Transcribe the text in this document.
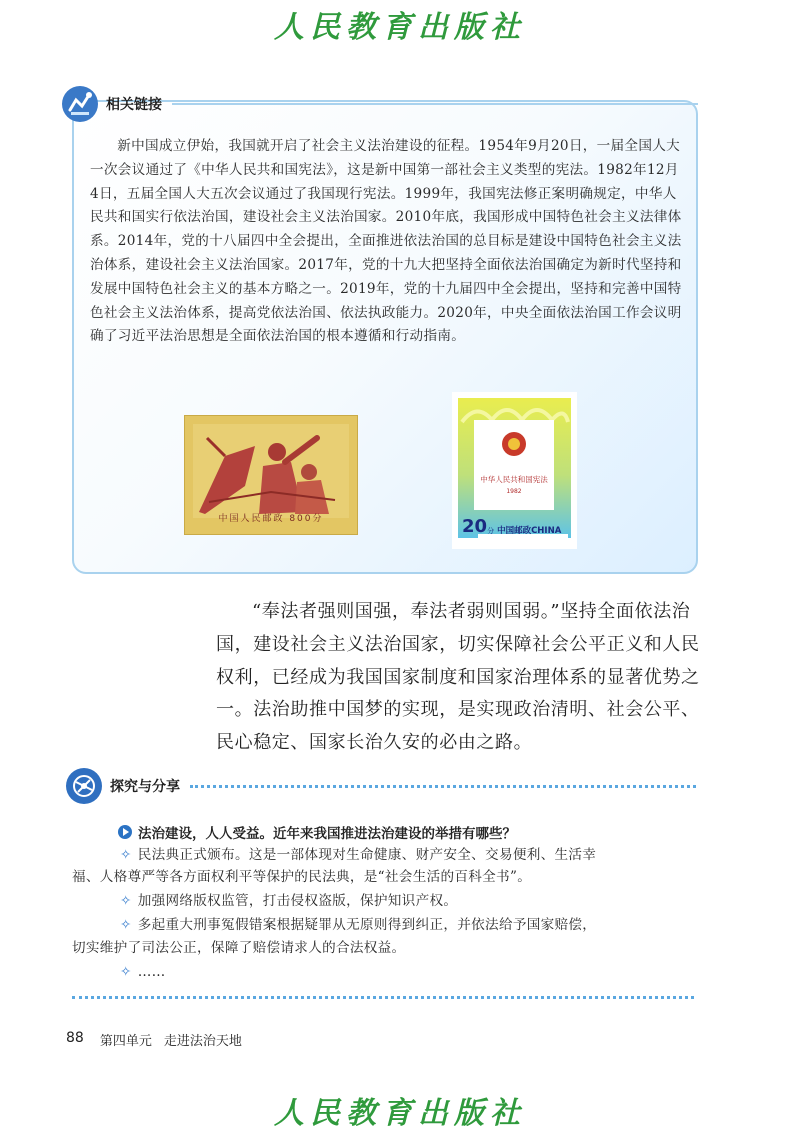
人民教育出版社
相关链接

新中国成立伊始，我国就开启了社会主义法治建设的征程。1954年9月20日，一届全国人大一次会议通过了《中华人民共和国宪法》，这是新中国第一部社会主义类型的宪法。1982年12月4日，五届全国人大五次会议通过了我国现行宪法。1999年，我国宪法修正案明确规定，中华人民共和国实行依法治国，建设社会主义法治国家。2010年底，我国形成中国特色社会主义法律体系。2014年，党的十八届四中全会提出，全面推进依法治国的总目标是建设中国特色社会主义法治体系，建设社会主义法治国家。2017年，党的十九大把坚持全面依法治国确定为新时代坚持和发展中国特色社会主义的基本方略之一。2019年，党的十九届四中全会提出，坚持和完善中国特色社会主义法治体系，提高党依法治国、依法执政能力。2020年，中央全面依法治国工作会议明确了习近平法治思想是全面依法治国的根本遵循和行动指南。

中国人民邮政 800分
中华人民共和国宪法
1982
20 分 中国邮政CHINA

“奉法者强则国强，奉法者弱则国弱。”坚持全面依法治国，建设社会主义法治国家，切实保障社会公平正义和人民权利，已经成为我国国家制度和国家治理体系的显著优势之一。法治助推中国梦的实现，是实现政治清明、社会公平、民心稳定、国家长治久安的必由之路。

探究与分享
法治建设，人人受益。近年来我国推进法治建设的举措有哪些？
✧ 民法典正式颁布。这是一部体现对生命健康、财产安全、交易便利、生活幸
福、人格尊严等各方面权利平等保护的民法典，是“社会生活的百科全书”。
✧ 加强网络版权监管，打击侵权盗版，保护知识产权。
✧ 多起重大刑事冤假错案根据疑罪从无原则得到纠正，并依法给予国家赔偿，
切实维护了司法公正，保障了赔偿请求人的合法权益。
✧ ……
88 第四单元 走进法治天地
人民教育出版社
